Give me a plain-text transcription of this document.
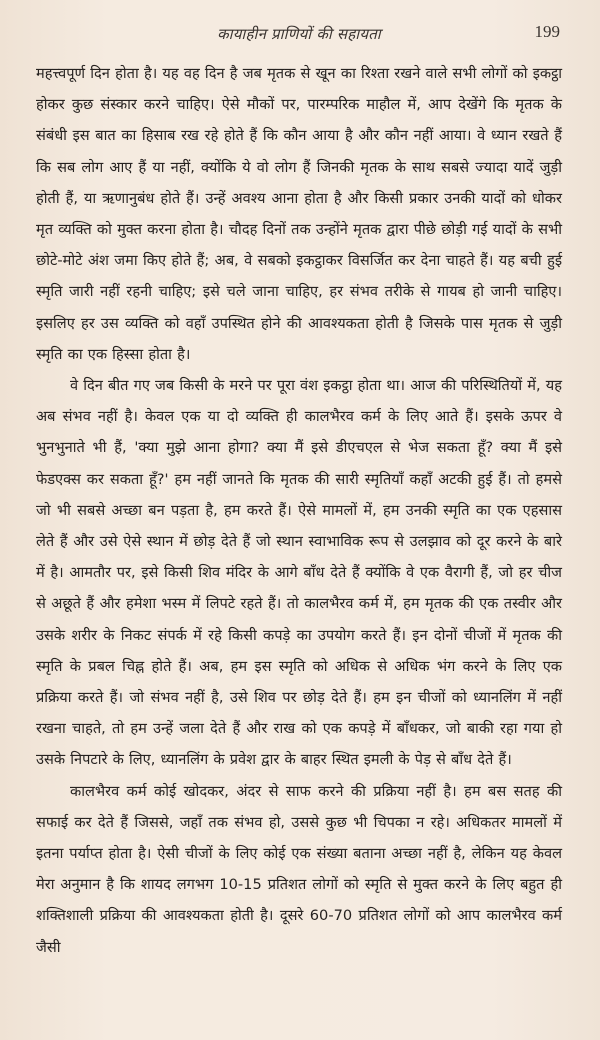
कायाहीन प्राणियों की सहायता	199

महत्त्वपूर्ण दिन होता है। यह वह दिन है जब मृतक से खून का रिश्ता रखने वाले सभी लोगों को इकट्ठा होकर कुछ संस्कार करने चाहिए। ऐसे मौकों पर, पारम्परिक माहौल में, आप देखेंगे कि मृतक के संबंधी इस बात का हिसाब रख रहे होते हैं कि कौन आया है और कौन नहीं आया। वे ध्यान रखते हैं कि सब लोग आए हैं या नहीं, क्योंकि ये वो लोग हैं जिनकी मृतक के साथ सबसे ज्यादा यादें जुड़ी होती हैं, या ऋणानुबंध होते हैं। उन्हें अवश्य आना होता है और किसी प्रकार उनकी यादों को धोकर मृत व्यक्ति को मुक्त करना होता है। चौदह दिनों तक उन्होंने मृतक द्वारा पीछे छोड़ी गई यादों के सभी छोटे-मोटे अंश जमा किए होते हैं; अब, वे सबको इकट्ठाकर विसर्जित कर देना चाहते हैं। यह बची हुई स्मृति जारी नहीं रहनी चाहिए; इसे चले जाना चाहिए, हर संभव तरीके से गायब हो जानी चाहिए। इसलिए हर उस व्यक्ति को वहाँ उपस्थित होने की आवश्यकता होती है जिसके पास मृतक से जुड़ी स्मृति का एक हिस्सा होता है।

वे दिन बीत गए जब किसी के मरने पर पूरा वंश इकट्ठा होता था। आज की परिस्थितियों में, यह अब संभव नहीं है। केवल एक या दो व्यक्ति ही कालभैरव कर्म के लिए आते हैं। इसके ऊपर वे भुनभुनाते भी हैं, 'क्या मुझे आना होगा? क्या मैं इसे डीएचएल से भेज सकता हूँ? क्या मैं इसे फेडएक्स कर सकता हूँ?' हम नहीं जानते कि मृतक की सारी स्मृतियाँ कहाँ अटकी हुई हैं। तो हमसे जो भी सबसे अच्छा बन पड़ता है, हम करते हैं। ऐसे मामलों में, हम उनकी स्मृति का एक एहसास लेते हैं और उसे ऐसे स्थान में छोड़ देते हैं जो स्थान स्वाभाविक रूप से उलझाव को दूर करने के बारे में है। आमतौर पर, इसे किसी शिव मंदिर के आगे बाँध देते हैं क्योंकि वे एक वैरागी हैं, जो हर चीज से अछूते हैं और हमेशा भस्म में लिपटे रहते हैं। तो कालभैरव कर्म में, हम मृतक की एक तस्वीर और उसके शरीर के निकट संपर्क में रहे किसी कपड़े का उपयोग करते हैं। इन दोनों चीजों में मृतक की स्मृति के प्रबल चिह्न होते हैं। अब, हम इस स्मृति को अधिक से अधिक भंग करने के लिए एक प्रक्रिया करते हैं। जो संभव नहीं है, उसे शिव पर छोड़ देते हैं। हम इन चीजों को ध्यानलिंग में नहीं रखना चाहते, तो हम उन्हें जला देते हैं और राख को एक कपड़े में बाँधकर, जो बाकी रहा गया हो उसके निपटारे के लिए, ध्यानलिंग के प्रवेश द्वार के बाहर स्थित इमली के पेड़ से बाँध देते हैं।

कालभैरव कर्म कोई खोदकर, अंदर से साफ करने की प्रक्रिया नहीं है। हम बस सतह की सफाई कर देते हैं जिससे, जहाँ तक संभव हो, उससे कुछ भी चिपका न रहे। अधिकतर मामलों में इतना पर्याप्त होता है। ऐसी चीजों के लिए कोई एक संख्या बताना अच्छा नहीं है, लेकिन यह केवल मेरा अनुमान है कि शायद लगभग 10-15 प्रतिशत लोगों को स्मृति से मुक्त करने के लिए बहुत ही शक्तिशाली प्रक्रिया की आवश्यकता होती है। दूसरे 60-70 प्रतिशत लोगों को आप कालभैरव कर्म जैसी
